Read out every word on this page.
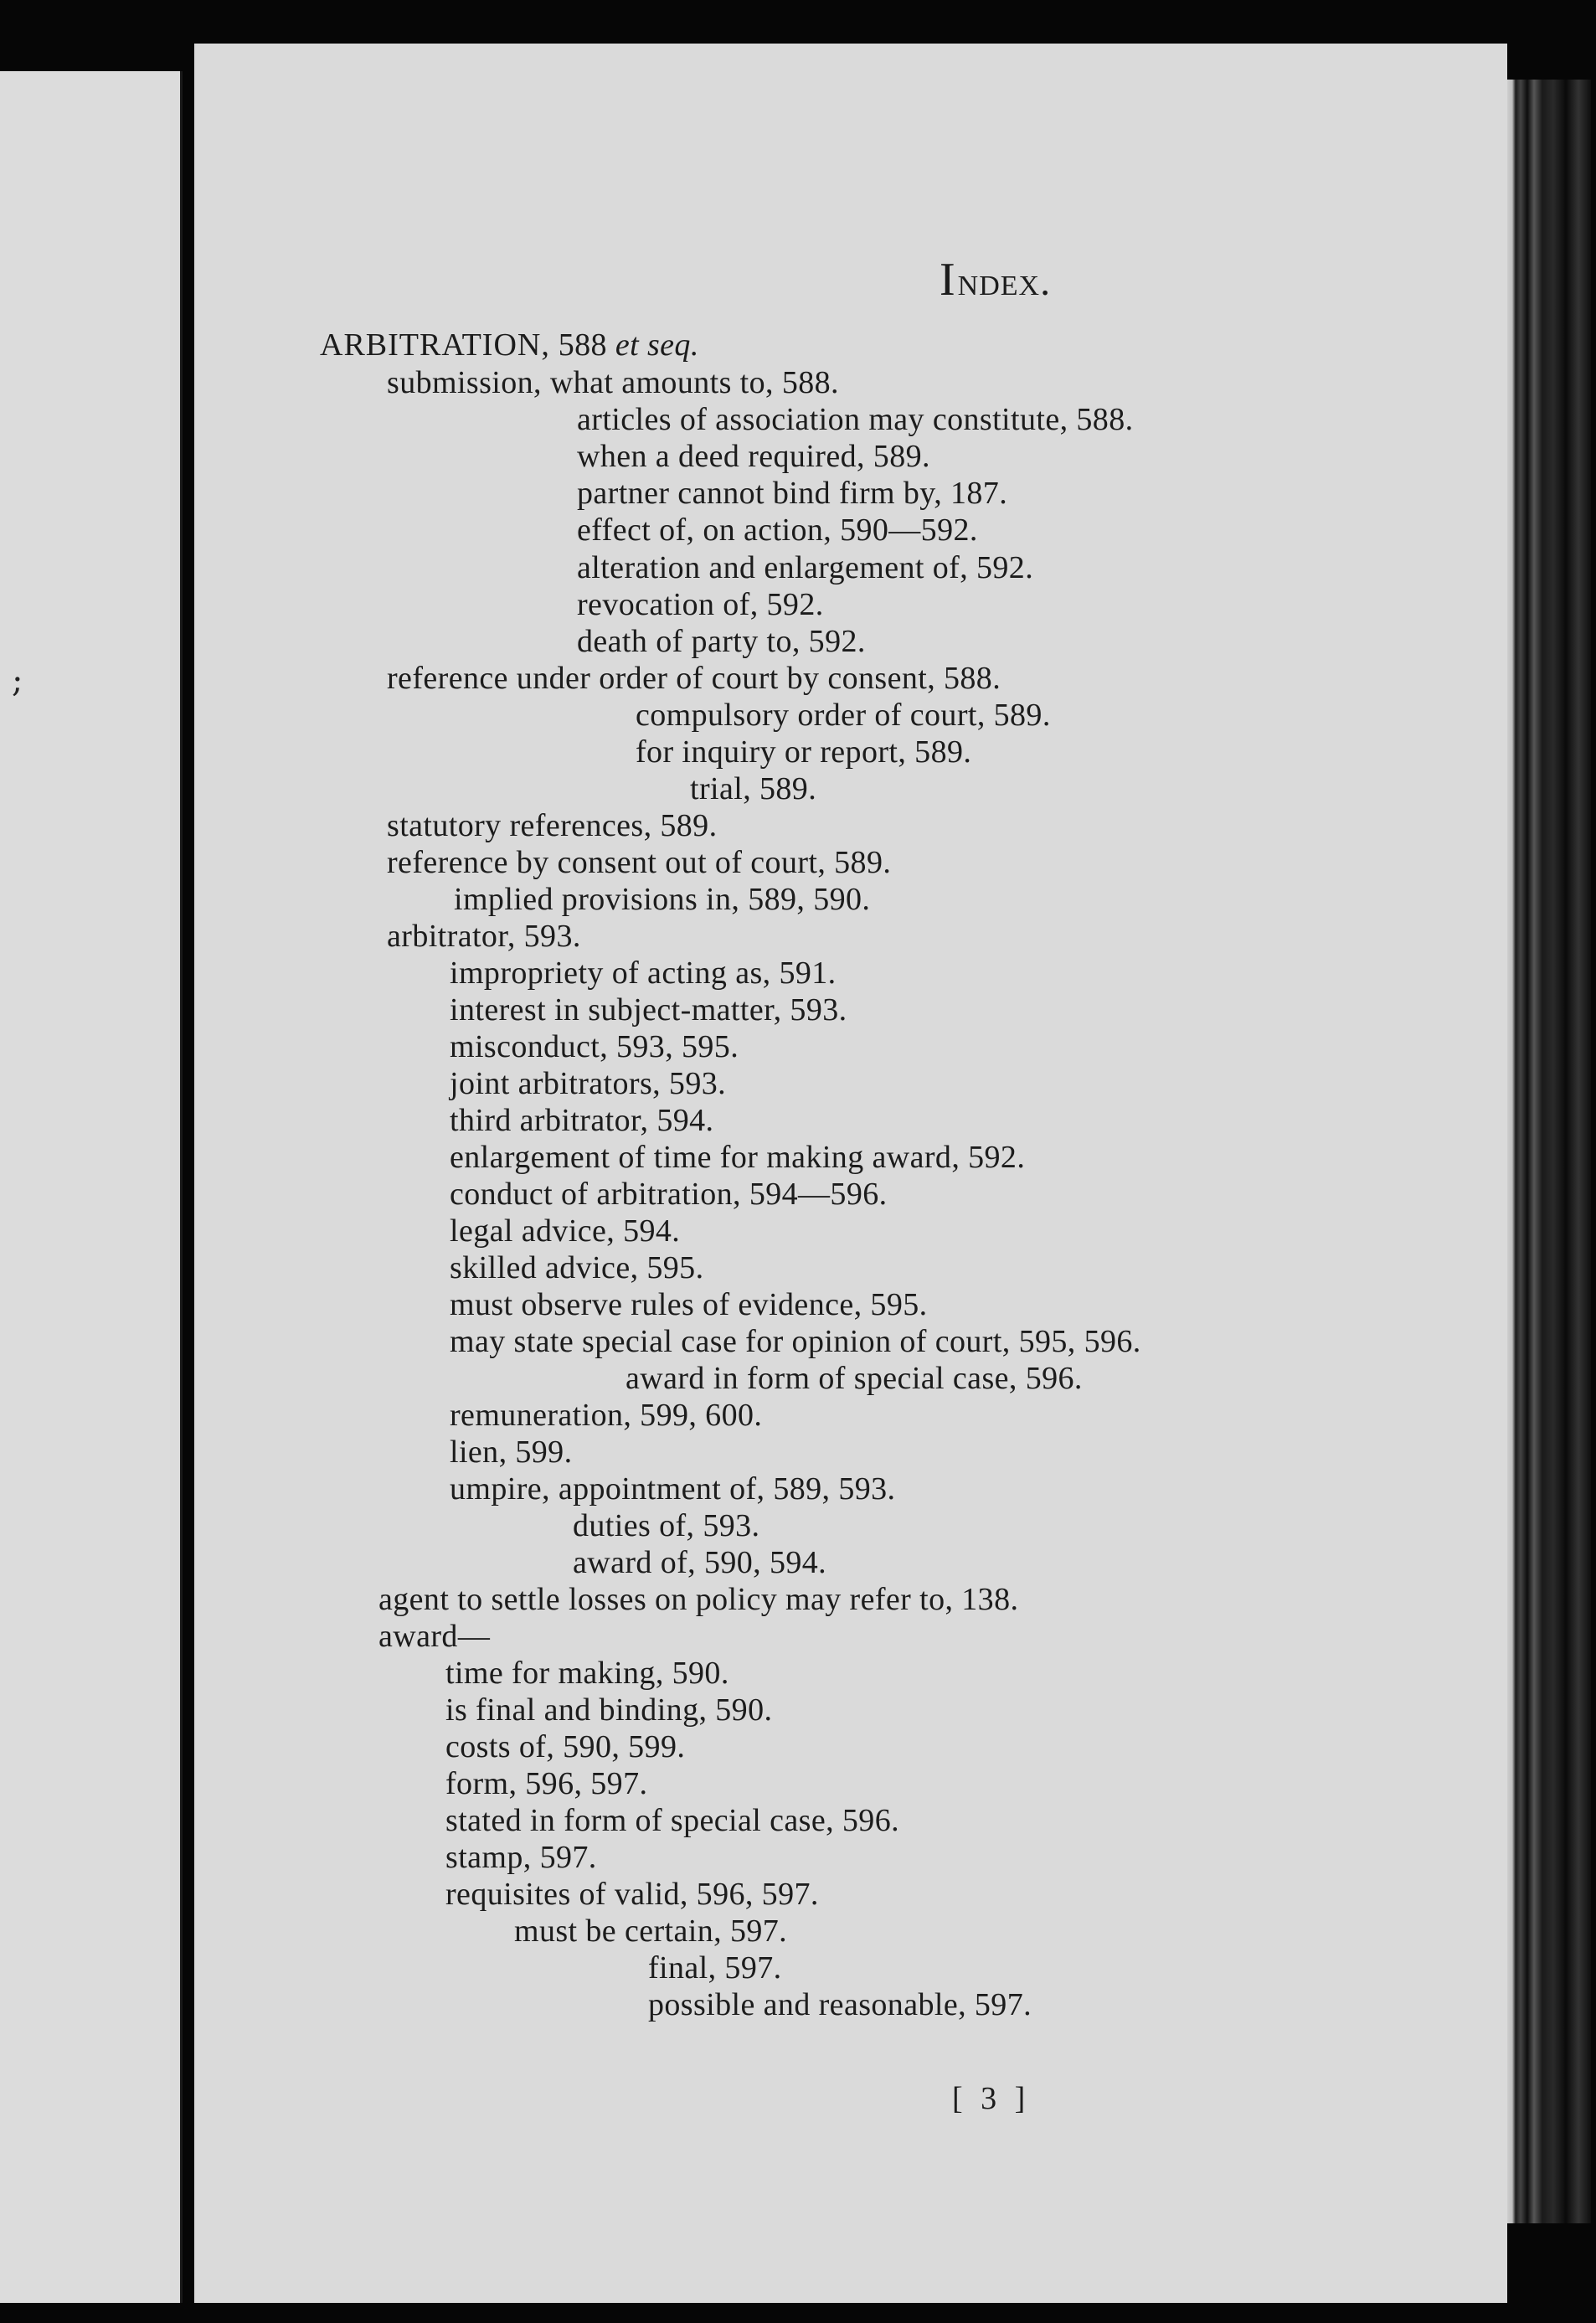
;
Index.

ARBITRATION, 588 et seq.

submission, what amounts to, 588.

articles of association may constitute, 588.

when a deed required, 589.

partner cannot bind firm by, 187.

effect of, on action, 590—592.

alteration and enlargement of, 592.

revocation of, 592.

death of party to, 592.

reference under order of court by consent, 588.

compulsory order of court, 589.

for inquiry or report, 589.

trial, 589.

statutory references, 589.

reference by consent out of court, 589.

implied provisions in, 589, 590.

arbitrator, 593.

impropriety of acting as, 591.

interest in subject-matter, 593.

misconduct, 593, 595.

joint arbitrators, 593.

third arbitrator, 594.

enlargement of time for making award, 592.

conduct of arbitration, 594—596.

legal advice, 594.

skilled advice, 595.

must observe rules of evidence, 595.

may state special case for opinion of court, 595, 596.

award in form of special case, 596.

remuneration, 599, 600.

lien, 599.

umpire, appointment of, 589, 593.

duties of, 593.

award of, 590, 594.

agent to settle losses on policy may refer to, 138.

award—

time for making, 590.

is final and binding, 590.

costs of, 590, 599.

form, 596, 597.

stated in form of special case, 596.

stamp, 597.

requisites of valid, 596, 597.

must be certain, 597.

final, 597.

possible and reasonable, 597.

[ 3 ]
